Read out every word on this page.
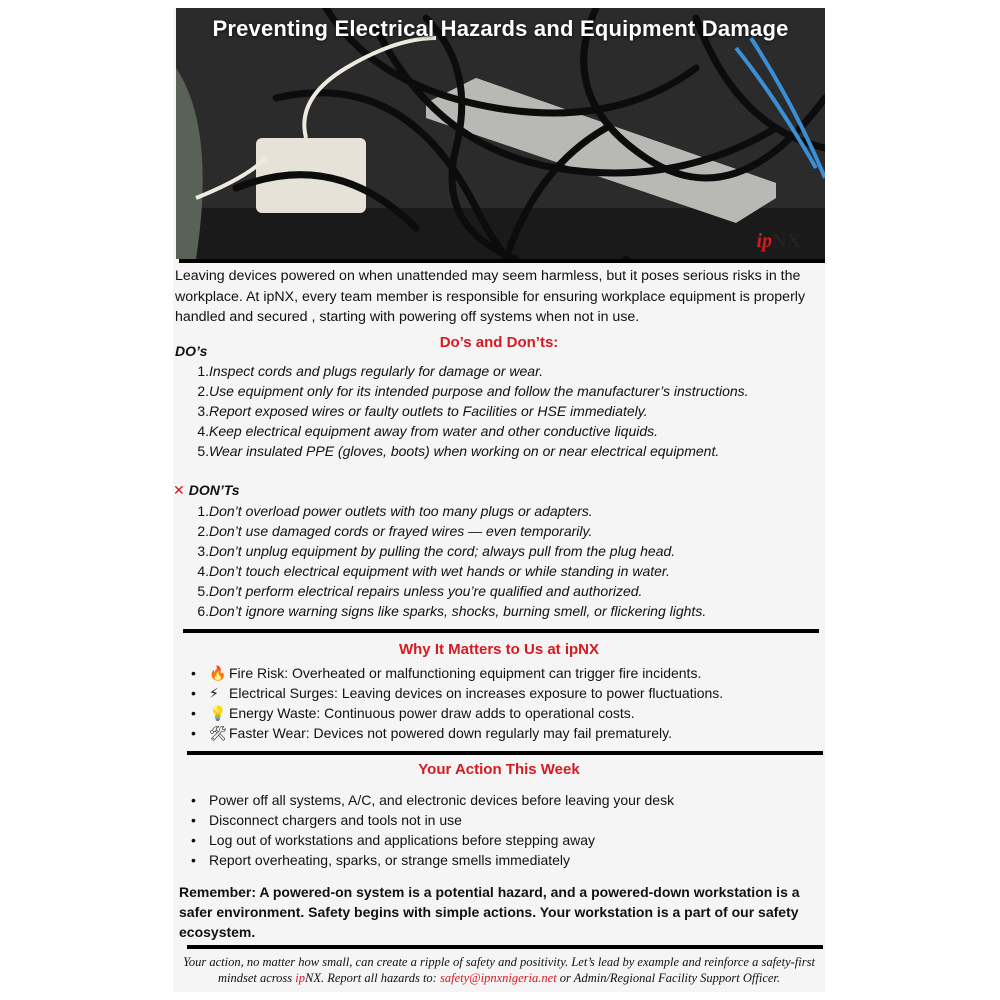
Preventing Electrical Hazards and Equipment Damage
ipNX
Leaving devices powered on when unattended may seem harmless, but it poses serious risks in the workplace. At ipNX, every team member is responsible for ensuring workplace equipment is properly handled and secured , starting with powering off systems when not in use.
Do’s and Don’ts:
DO’s
1. Inspect cords and plugs regularly for damage or wear.
2. Use equipment only for its intended purpose and follow the manufacturer’s instructions.
3. Report exposed wires or faulty outlets to Facilities or HSE immediately.
4. Keep electrical equipment away from water and other conductive liquids.
5. Wear insulated PPE (gloves, boots) when working on or near electrical equipment.
✕ DON’Ts
1. Don’t overload power outlets with too many plugs or adapters.
2. Don’t use damaged cords or frayed wires — even temporarily.
3. Don’t unplug equipment by pulling the cord; always pull from the plug head.
4. Don’t touch electrical equipment with wet hands or while standing in water.
5. Don’t perform electrical repairs unless you’re qualified and authorized.
6. Don’t ignore warning signs like sparks, shocks, burning smell, or flickering lights.
Why It Matters to Us at ipNX
• 🔥 Fire Risk: Overheated or malfunctioning equipment can trigger fire incidents.
• ⚡ Electrical Surges: Leaving devices on increases exposure to power fluctuations.
• 💡 Energy Waste: Continuous power draw adds to operational costs.
• 🛠 Faster Wear: Devices not powered down regularly may fail prematurely.
Your Action This Week
• Power off all systems, A/C, and electronic devices before leaving your desk
• Disconnect chargers and tools not in use
• Log out of workstations and applications before stepping away
• Report overheating, sparks, or strange smells immediately
Remember: A powered-on system is a potential hazard, and a powered-down workstation is a safer environment. Safety begins with simple actions. Your workstation is a part of our safety ecosystem.
Your action, no matter how small, can create a ripple of safety and positivity. Let’s lead by example and reinforce a safety-first mindset across ipNX. Report all hazards to: safety@ipnxnigeria.net or Admin/Regional Facility Support Officer.
